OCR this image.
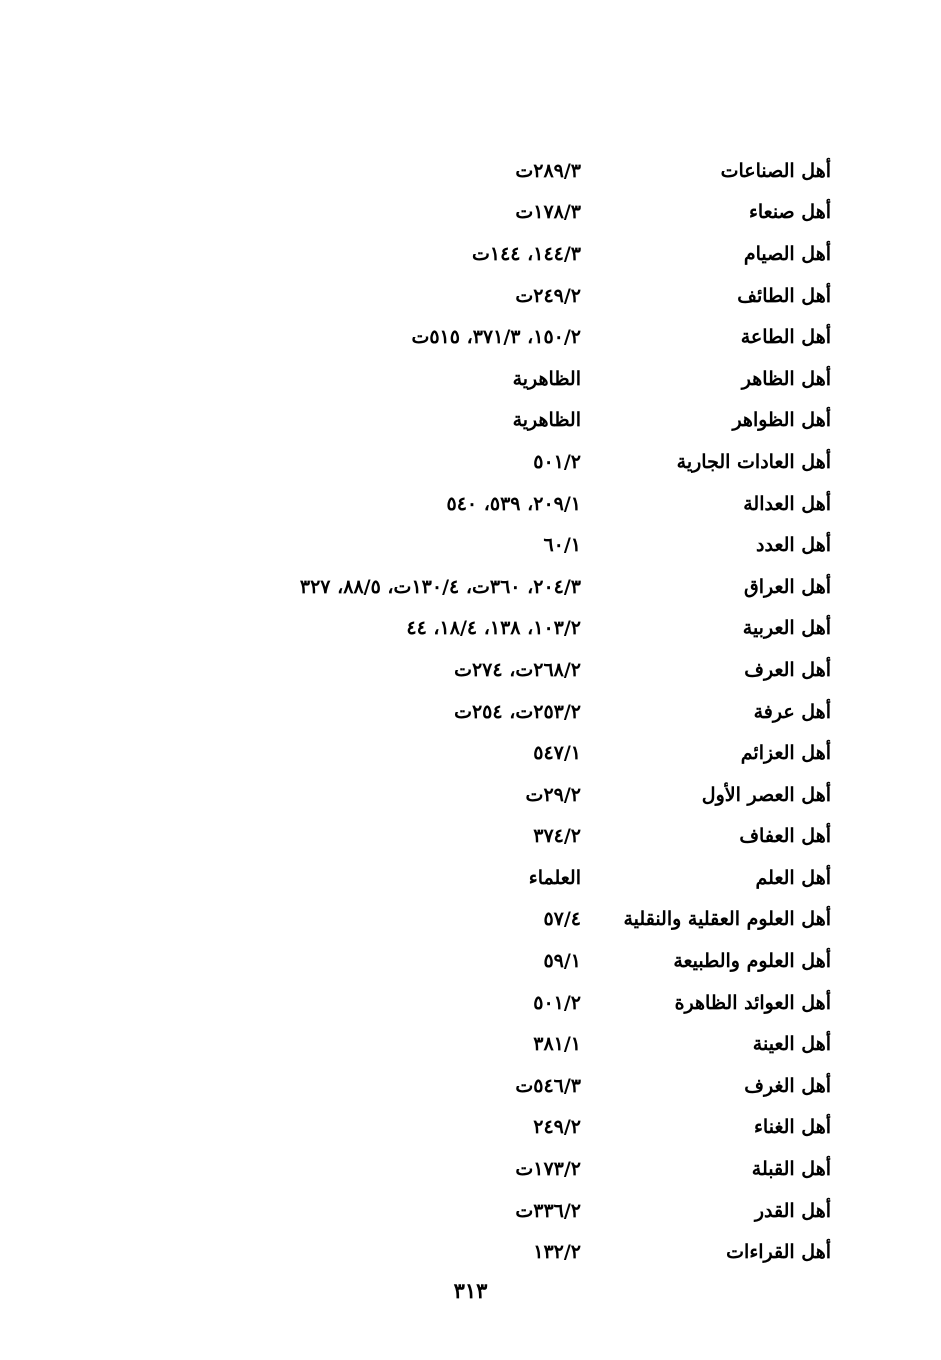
أهل الصناعات
٢٨٩/٣ت
أهل صنعاء
١٧٨/٣ت
أهل الصيام
١٤٤/٣، ١٤٤ت
أهل الطائف
٢٤٩/٢ت
أهل الطاعة
١٥٠/٢، ٣٧١/٣، ٥١٥ت
أهل الظاهر
الظاهرية
أهل الظواهر
الظاهرية
أهل العادات الجارية
٥٠١/٢
أهل العدالة
٢٠٩/١، ٥٣٩، ٥٤٠
أهل العدد
٦٠/١
أهل العراق
٢٠٤/٣، ٣٦٠ت، ١٣٠/٤ت، ٨٨/٥، ٣٢٧
أهل العربية
١٠٣/٢، ١٣٨، ١٨/٤، ٤٤
أهل العرف
٢٦٨/٢ت، ٢٧٤ت
أهل عرفة
٢٥٣/٢ت، ٢٥٤ت
أهل العزائم
٥٤٧/١
أهل العصر الأول
٢٩/٢ت
أهل العفاف
٣٧٤/٢
أهل العلم
العلماء
أهل العلوم العقلية والنقلية
٥٧/٤
أهل العلوم والطبيعة
٥٩/١
أهل العوائد الظاهرة
٥٠١/٢
أهل العينة
٣٨١/١
أهل الغرف
٥٤٦/٣ت
أهل الغناء
٢٤٩/٢
أهل القبلة
١٧٣/٢ت
أهل القدر
٣٣٦/٢ت
أهل القراءات
١٣٢/٢
٣١٣
